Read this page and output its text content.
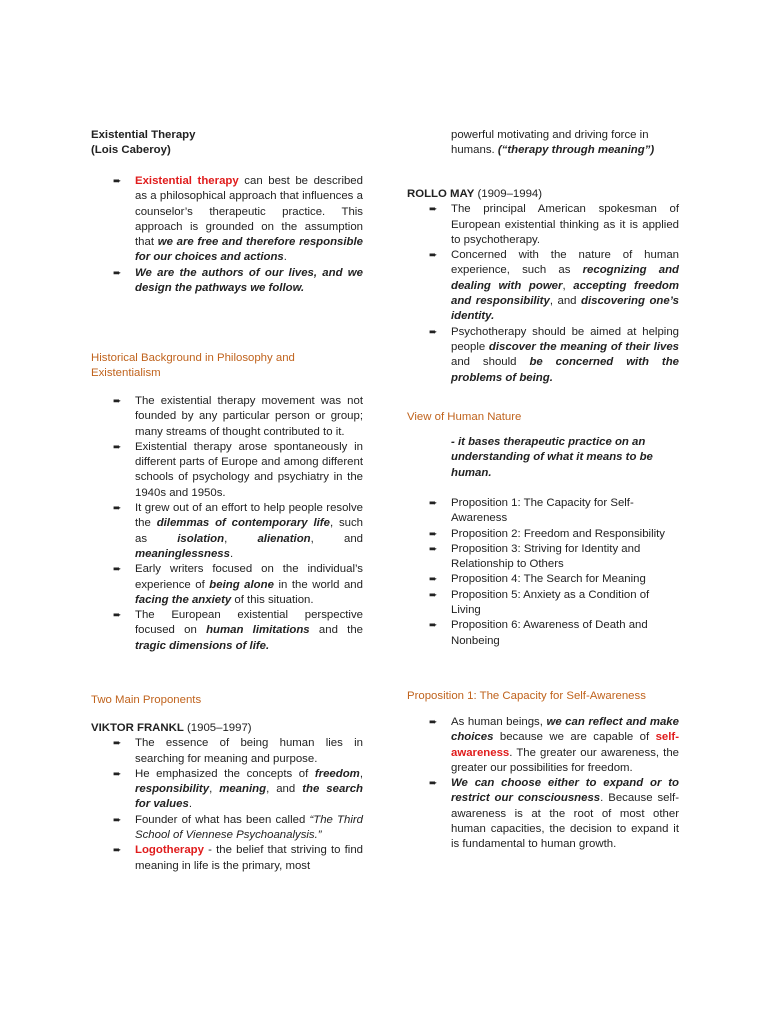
Existential Therapy

(Lois Caberoy)

➨ Existential therapy can best be described as a philosophical approach that influences a counselor’s therapeutic practice. This approach is grounded on the assumption that we are free and therefore responsible for our choices and actions.
➨ We are the authors of our lives, and we design the pathways we follow.

Historical Background in Philosophy and Existentialism

➨ The existential therapy movement was not founded by any particular person or group; many streams of thought contributed to it.
➨ Existential therapy arose spontaneously in different parts of Europe and among different schools of psychology and psychiatry in the 1940s and 1950s.
➨ It grew out of an effort to help people resolve the dilemmas of contemporary life, such as isolation, alienation, and meaninglessness.
➨ Early writers focused on the individual’s experience of being alone in the world and facing the anxiety of this situation.
➨ The European existential perspective focused on human limitations and the tragic dimensions of life.

Two Main Proponents

VIKTOR FRANKL (1905–1997)

➨ The essence of being human lies in searching for meaning and purpose.
➨ He emphasized the concepts of freedom, responsibility, meaning, and the search for values.
➨ Founder of what has been called “The Third School of Viennese Psychoanalysis.”
➨ Logotherapy - the belief that striving to find meaning in life is the primary, most

powerful motivating and driving force in humans. (“therapy through meaning”)

ROLLO MAY (1909–1994)

➨ The principal American spokesman of European existential thinking as it is applied to psychotherapy.
➨ Concerned with the nature of human experience, such as recognizing and dealing with power, accepting freedom and responsibility, and discovering one’s identity.
➨ Psychotherapy should be aimed at helping people discover the meaning of their lives and should be concerned with the problems of being.

View of Human Nature

- it bases therapeutic practice on an understanding of what it means to be human.

➨ Proposition 1: The Capacity for Self-Awareness
➨ Proposition 2: Freedom and Responsibility
➨ Proposition 3: Striving for Identity and Relationship to Others
➨ Proposition 4: The Search for Meaning
➨ Proposition 5: Anxiety as a Condition of Living
➨ Proposition 6: Awareness of Death and Nonbeing

Proposition 1: The Capacity for Self-Awareness

➨ As human beings, we can reflect and make choices because we are capable of self-awareness. The greater our awareness, the greater our possibilities for freedom.
➨ We can choose either to expand or to restrict our consciousness. Because self-awareness is at the root of most other human capacities, the decision to expand it is fundamental to human growth.
